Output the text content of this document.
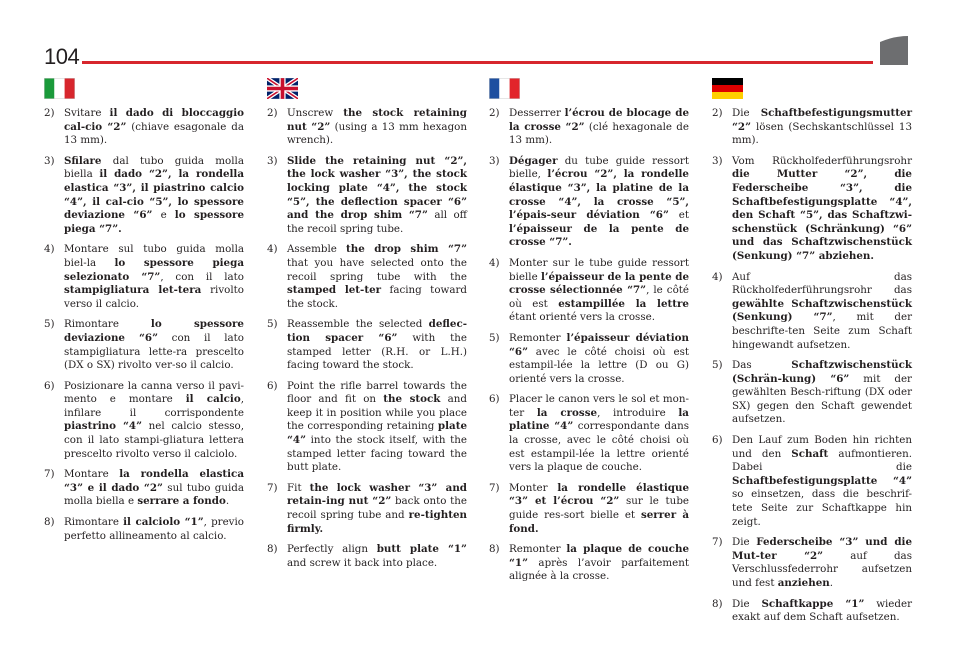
104
2) Svitare il dado di bloccaggio cal-cio “2” (chiave esagonale da 13 mm).
3) Sfilare dal tubo guida molla biella il dado “2”, la rondella elastica “3”, il piastrino calcio “4”, il cal-cio “5”, lo spessore deviazione “6” e lo spessore piega “7”.
4) Montare sul tubo guida molla biel-la lo spessore piega selezionato “7”, con il lato stampigliatura let-tera rivolto verso il calcio.
5) Rimontare lo spessore deviazione “6” con il lato stampigliatura lette-ra prescelto (DX o SX) rivolto ver-so il calcio.
6) Posizionare la canna verso il pavi-mento e montare il calcio, infilare il corrispondente piastrino “4” nel calcio stesso, con il lato stampi-gliatura lettera prescelto rivolto verso il calciolo.
7) Montare la rondella elastica “3” e il dado “2” sul tubo guida molla biella e serrare a fondo.
8) Rimontare il calciolo “1”, previo perfetto allineamento al calcio.
2) Unscrew the stock retaining nut “2” (using a 13 mm hexagon wrench).
3) Slide the retaining nut “2”, the lock washer “3”, the stock locking plate “4”, the stock “5”, the deflection spacer “6” and the drop shim “7” all off the recoil spring tube.
4) Assemble the drop shim “7” that you have selected onto the recoil spring tube with the stamped let-ter facing toward the stock.
5) Reassemble the selected deflec-tion spacer “6” with the stamped letter (R.H. or L.H.) facing toward the stock.
6) Point the rifle barrel towards the floor and fit on the stock and keep it in position while you place the corresponding retaining plate “4” into the stock itself, with the stamped letter facing toward the butt plate.
7) Fit the lock washer “3” and retain-ing nut “2” back onto the recoil spring tube and re-tighten firmly.
8) Perfectly align butt plate “1” and screw it back into place.
2) Desserrer l’écrou de blocage de la crosse “2” (clé hexagonale de 13 mm).
3) Dégager du tube guide ressort bielle, l’écrou “2”, la rondelle élastique “3”, la platine de la crosse “4”, la crosse “5”, l’épais-seur déviation “6” et l’épaisseur de la pente de crosse “7”.
4) Monter sur le tube guide ressort bielle l’épaisseur de la pente de crosse sélectionnée “7”, le côté où est estampillée la lettre étant orienté vers la crosse.
5) Remonter l’épaisseur déviation “6” avec le côté choisi où est estampil-lée la lettre (D ou G) orienté vers la crosse.
6) Placer le canon vers le sol et mon-ter la crosse, introduire la platine “4” correspondante dans la crosse, avec le côté choisi où est estampil-lée la lettre orienté vers la plaque de couche.
7) Monter la rondelle élastique “3” et l’écrou “2” sur le tube guide res-sort bielle et serrer à fond.
8) Remonter la plaque de couche “1” après l’avoir parfaitement alignée à la crosse.
2) Die Schaftbefestigungsmutter “2” lösen (Sechskantschlüssel 13 mm).
3) Vom Rückholfederführungsrohr die Mutter “2”, die Federscheibe “3”, die Schaftbefestigungsplatte “4”, den Schaft “5”, das Schaftzwi-schenstück (Schränkung) “6” und das Schaftzwischenstück (Senkung) “7” abziehen.
4) Auf das Rückholfederführungsrohr das gewählte Schaftzwischenstück (Senkung) “7”, mit der beschrifte-ten Seite zum Schaft hingewandt aufsetzen.
5) Das Schaftzwischenstück (Schrän-kung) “6” mit der gewählten Besch-riftung (DX oder SX) gegen den Schaft gewendet aufsetzen.
6) Den Lauf zum Boden hin richten und den Schaft aufmontieren. Dabei die Schaftbefestigungsplatte “4” so einsetzen, dass die beschrif-tete Seite zur Schaftkappe hin zeigt.
7) Die Federscheibe “3” und die Mut-ter “2” auf das Verschlussfederrohr aufsetzen und fest anziehen.
8) Die Schaftkappe “1” wieder exakt auf dem Schaft aufsetzen.
